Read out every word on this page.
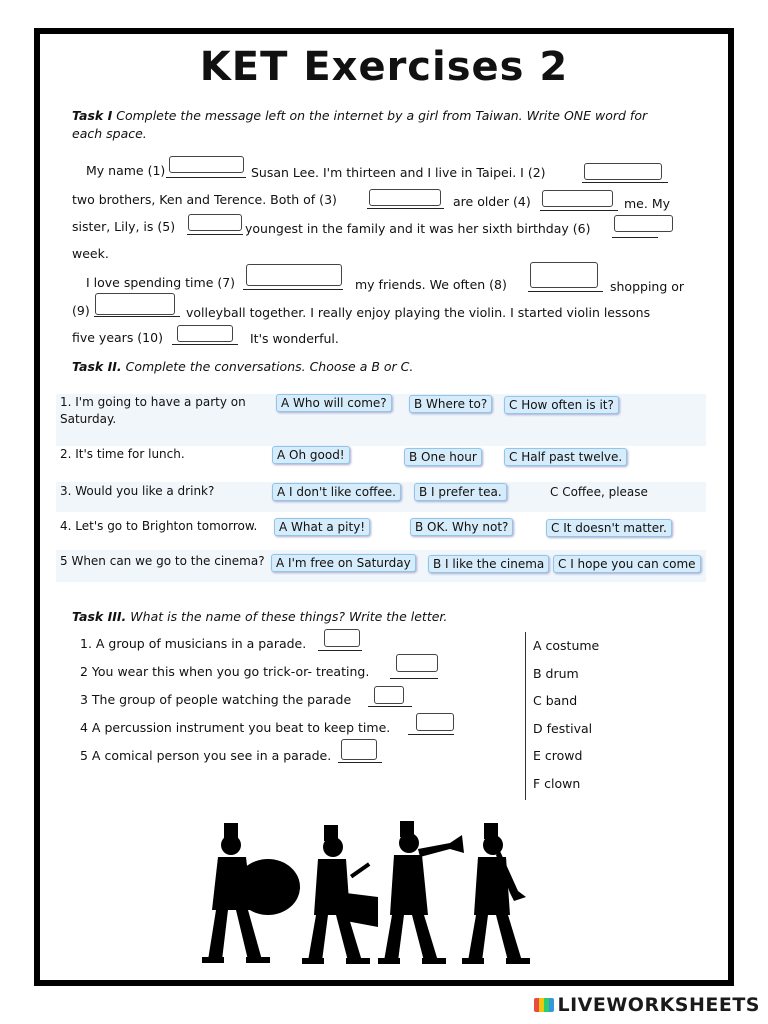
KET Exercises 2
Task I Complete the message left on the internet by a girl from Taiwan. Write ONE word for
each space.
My name (1)	Susan Lee. I'm thirteen and I live in Taipei. I (2)
two brothers, Ken and Terence. Both of (3)	are older (4)	me. My
sister, Lily, is (5)	youngest in the family and it was her sixth birthday (6)
week.
I love spending time (7)	my friends. We often (8)	shopping or
(9)	volleyball together. I really enjoy playing the violin. I started violin lessons
five years (10)	It's wonderful.
Task II. Complete the conversations. Choose a B or C.
1. I'm going to have a party on
Saturday.
A Who will come?	B Where to?	C How often is it?
2. It's time for lunch.	A Oh good!	B One hour	C Half past twelve.
3. Would you like a drink?	A I don't like coffee.	B I prefer tea.	C Coffee, please
4. Let's go to Brighton tomorrow.	A What a pity!	B OK. Why not?	C It doesn't matter.
5 When can we go to the cinema? A I'm free on Saturday	B I like the cinema	C I hope you can come
Task III. What is the name of these things? Write the letter.
1. A group of musicians in a parade.
2 You wear this when you go trick-or- treating.
3 The group of people watching the parade
4 A percussion instrument you beat to keep time.
5 A comical person you see in a parade.
A costume
B drum
C band
D festival
E crowd
F clown
LIVEWORKSHEETS
